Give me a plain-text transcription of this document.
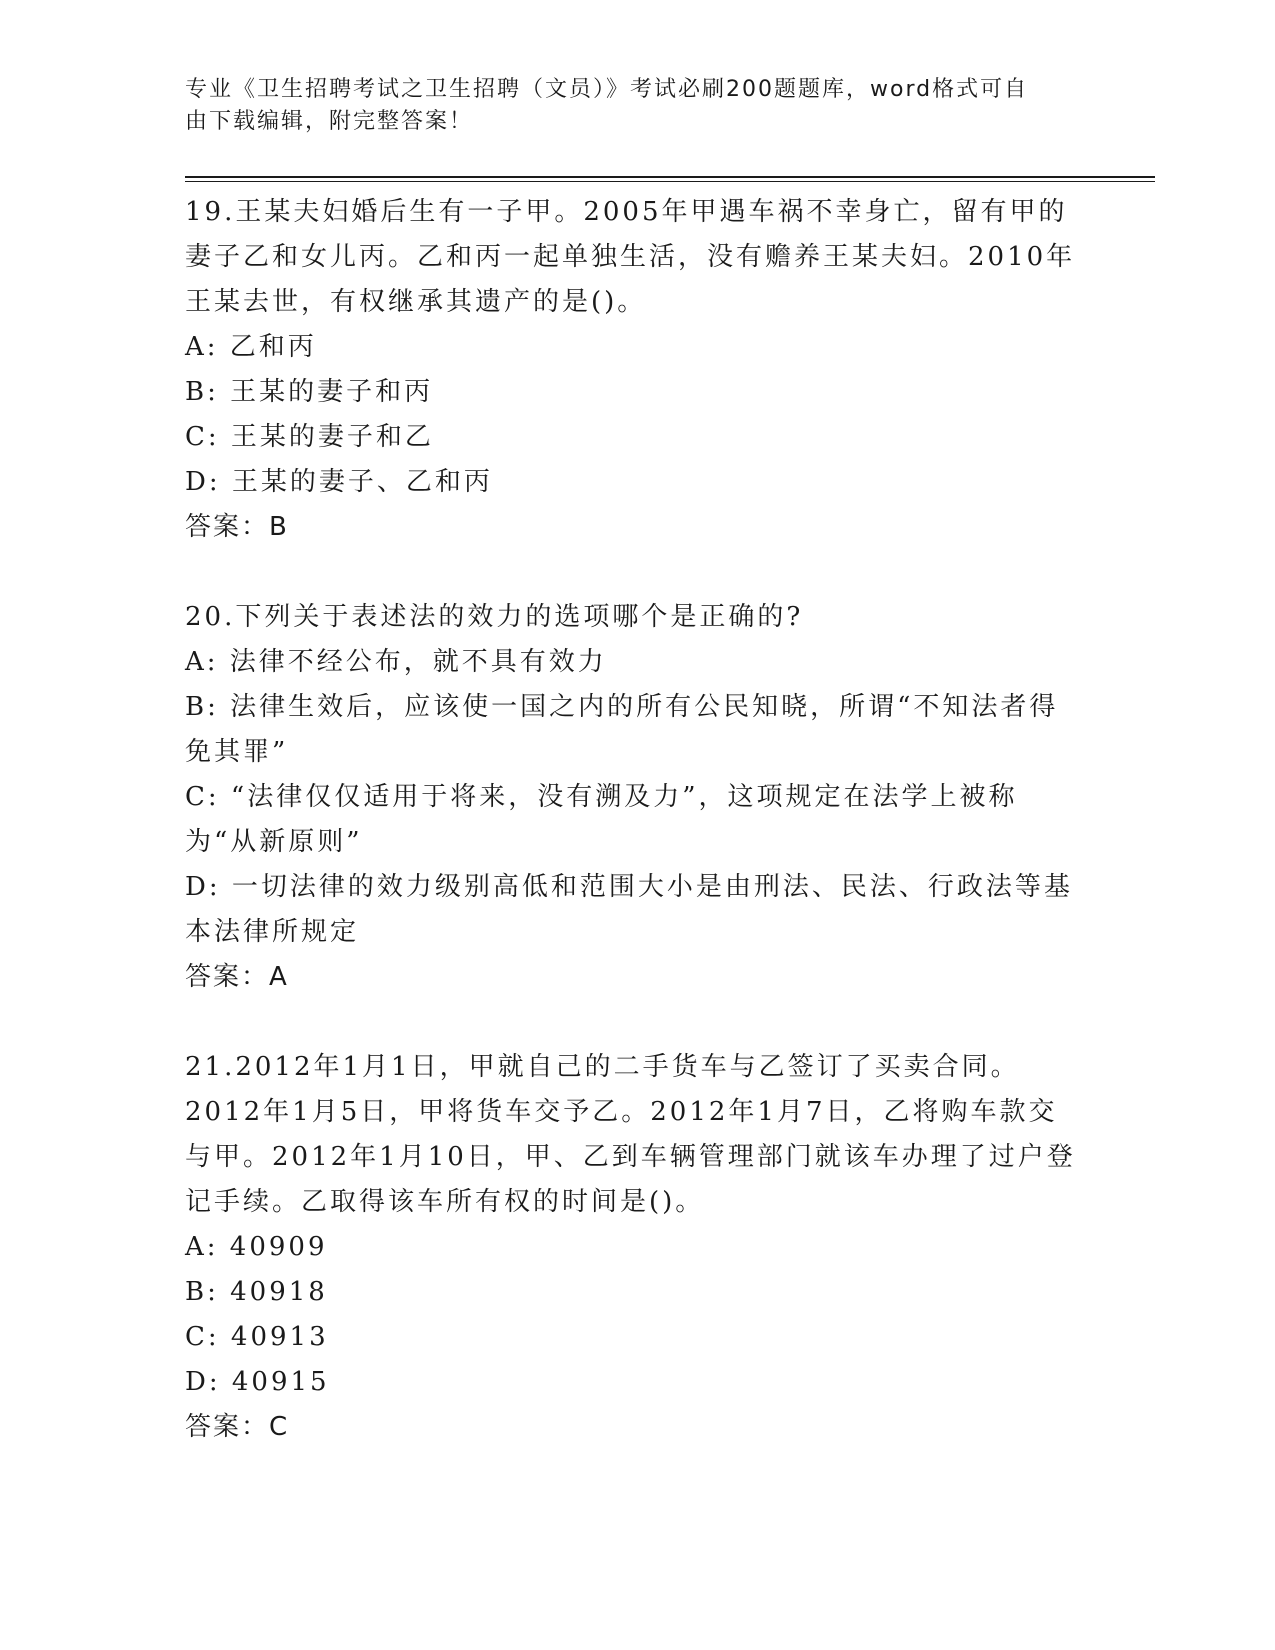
专业《卫生招聘考试之卫生招聘（文员）》考试必刷200题题库，word格式可自
由下载编辑，附完整答案！

19.王某夫妇婚后生有一子甲。2005年甲遇车祸不幸身亡，留有甲的妻子乙和女儿丙。乙和丙一起单独生活，没有赡养王某夫妇。2010年王某去世，有权继承其遗产的是()。

A: 乙和丙

B: 王某的妻子和丙

C: 王某的妻子和乙

D: 王某的妻子、乙和丙

答案：B

20.下列关于表述法的效力的选项哪个是正确的?

A: 法律不经公布，就不具有效力

B: 法律生效后，应该使一国之内的所有公民知晓，所谓“不知法者得免其罪”

C: “法律仅仅适用于将来，没有溯及力”，这项规定在法学上被称为“从新原则”

D: 一切法律的效力级别高低和范围大小是由刑法、民法、行政法等基本法律所规定

答案：A

21.2012年1月1日，甲就自己的二手货车与乙签订了买卖合同。2012年1月5日，甲将货车交予乙。2012年1月7日，乙将购车款交与甲。2012年1月10日，甲、乙到车辆管理部门就该车办理了过户登记手续。乙取得该车所有权的时间是()。

A: 40909

B: 40918

C: 40913

D: 40915

答案：C
